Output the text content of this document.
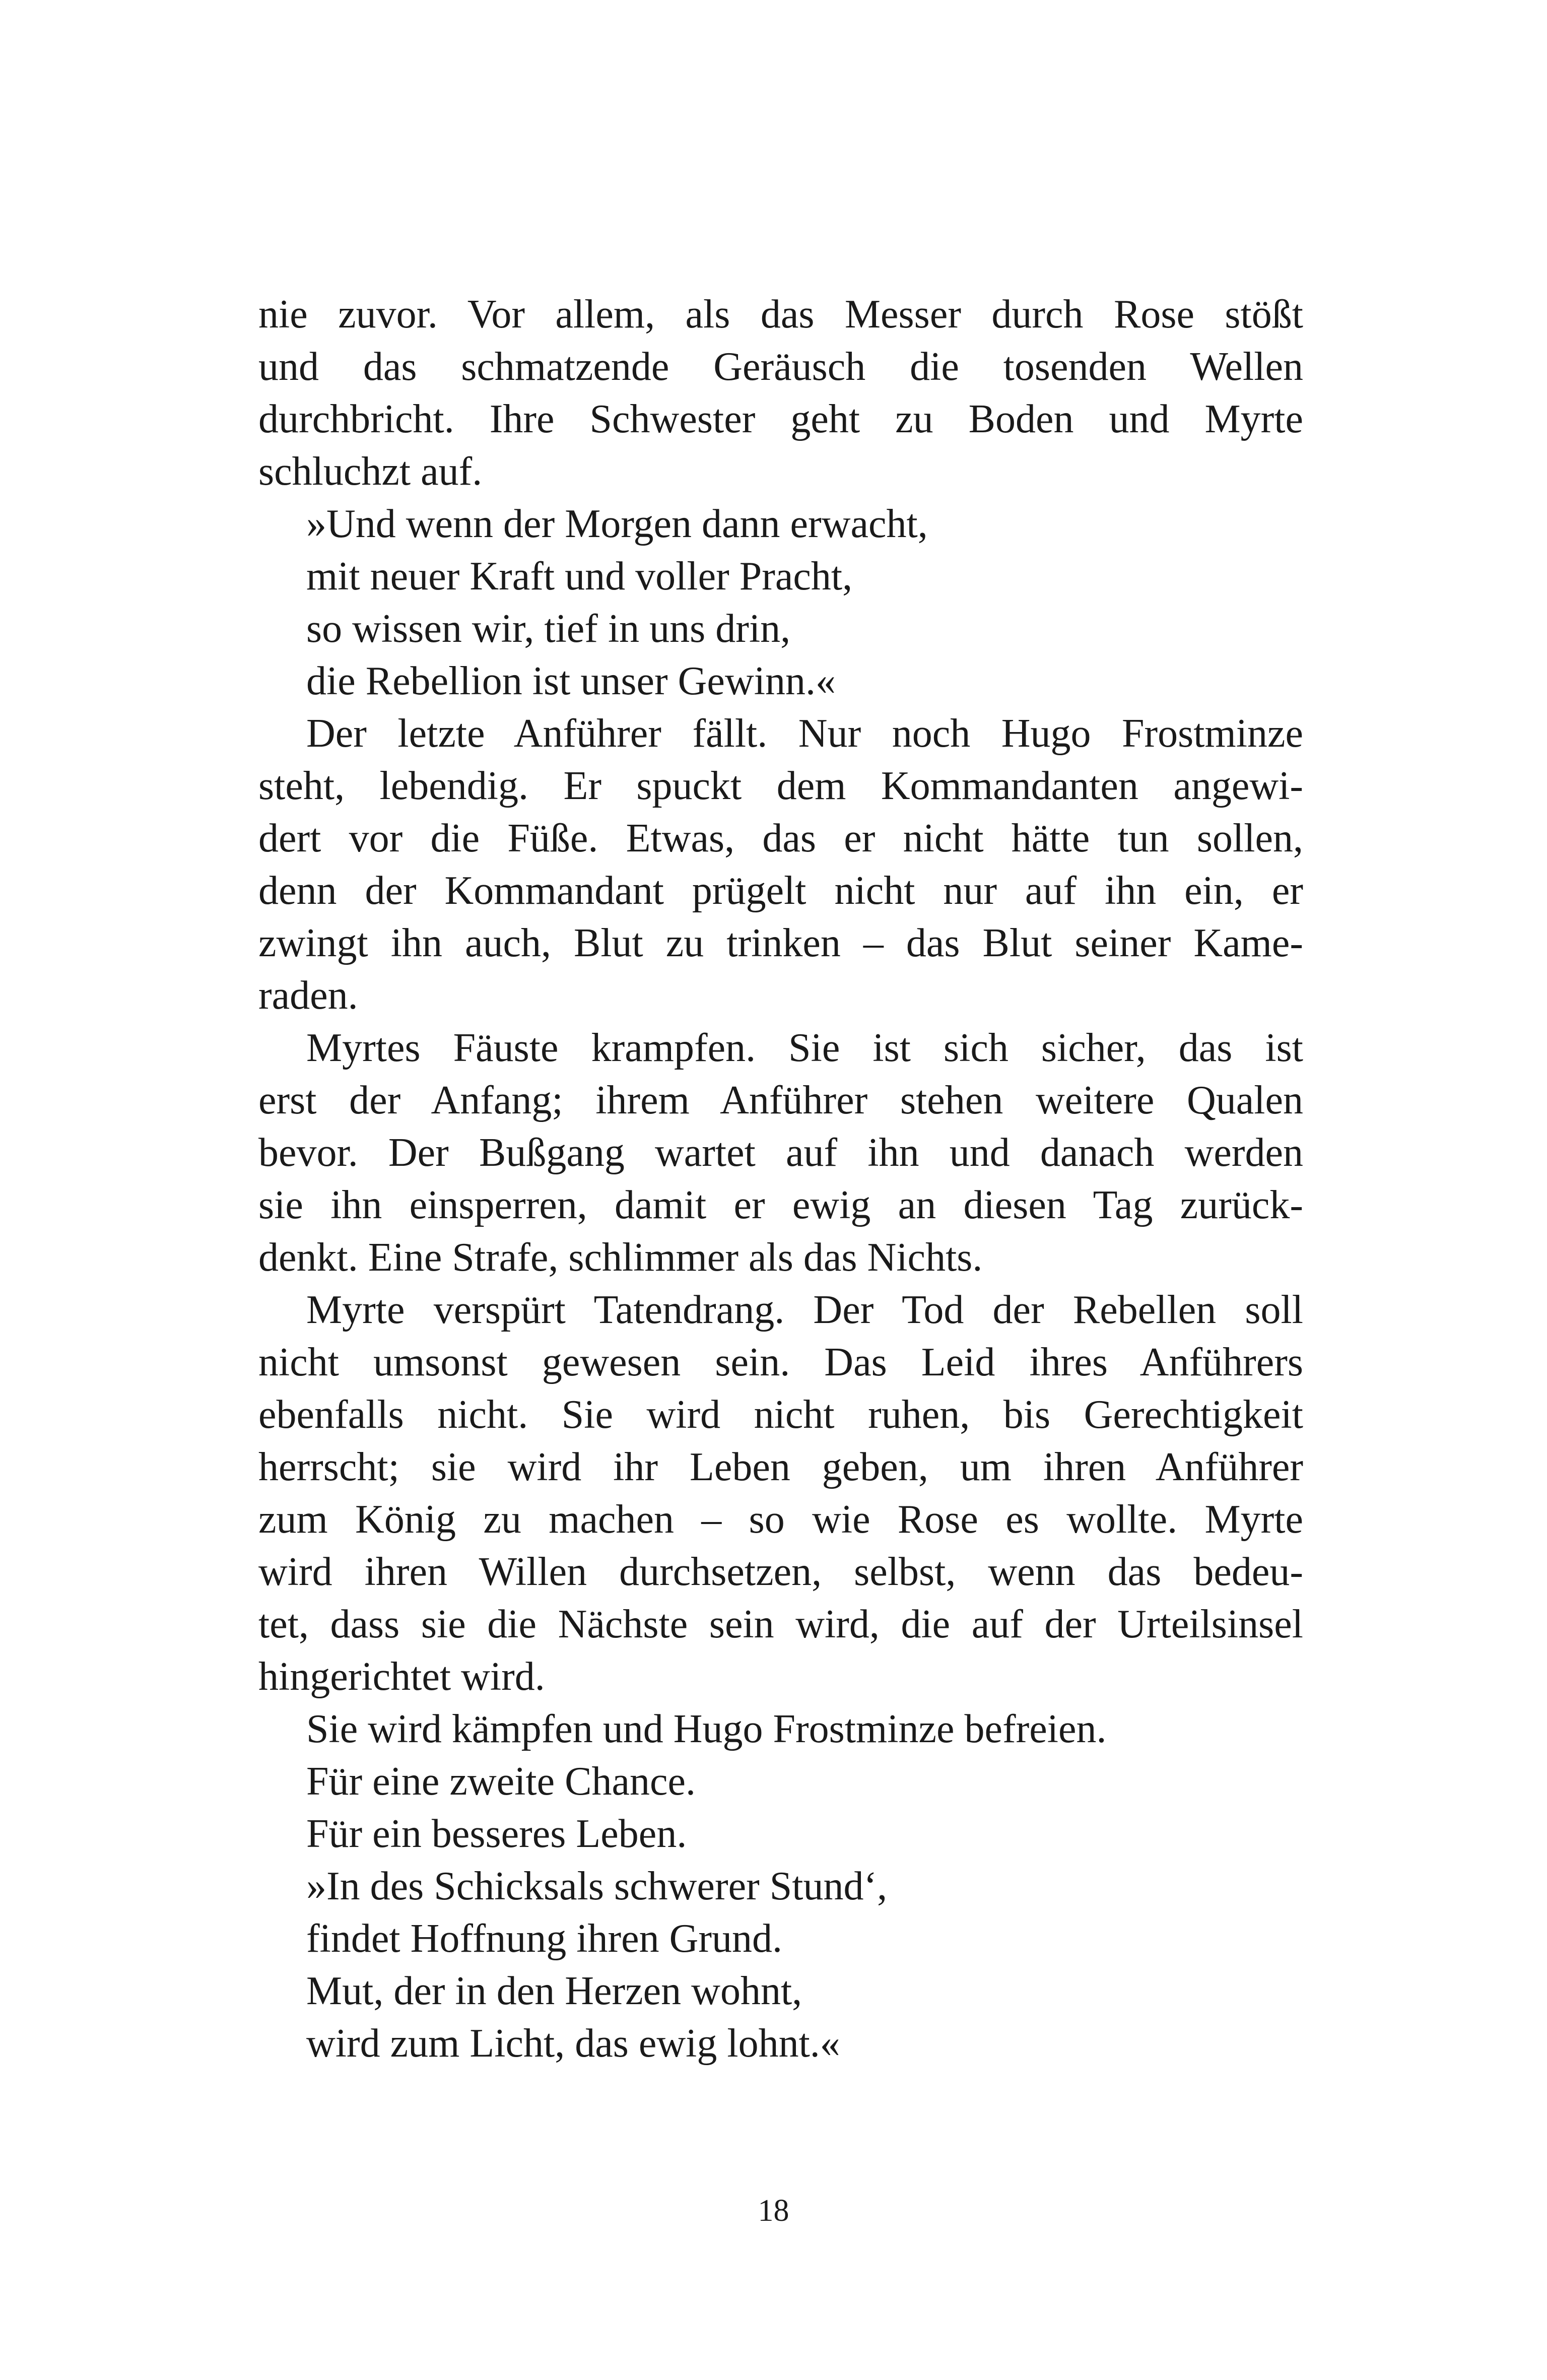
nie zuvor. Vor allem, als das Messer durch Rose stößt
und das schmatzende Geräusch die tosenden Wellen
durchbricht. Ihre Schwester geht zu Boden und Myrte
schluchzt auf.
»Und wenn der Morgen dann erwacht,
mit neuer Kraft und voller Pracht,
so wissen wir, tief in uns drin,
die Rebellion ist unser Gewinn.«
Der letzte Anführer fällt. Nur noch Hugo Frostminze
steht, lebendig. Er spuckt dem Kommandanten angewi-
dert vor die Füße. Etwas, das er nicht hätte tun sollen,
denn der Kommandant prügelt nicht nur auf ihn ein, er
zwingt ihn auch, Blut zu trinken – das Blut seiner Kame-
raden.
Myrtes Fäuste krampfen. Sie ist sich sicher, das ist
erst der Anfang; ihrem Anführer stehen weitere Qualen
bevor. Der Bußgang wartet auf ihn und danach werden
sie ihn einsperren, damit er ewig an diesen Tag zurück-
denkt. Eine Strafe, schlimmer als das Nichts.
Myrte verspürt Tatendrang. Der Tod der Rebellen soll
nicht umsonst gewesen sein. Das Leid ihres Anführers
ebenfalls nicht. Sie wird nicht ruhen, bis Gerechtigkeit
herrscht; sie wird ihr Leben geben, um ihren Anführer
zum König zu machen – so wie Rose es wollte. Myrte
wird ihren Willen durchsetzen, selbst, wenn das bedeu-
tet, dass sie die Nächste sein wird, die auf der Urteilsinsel
hingerichtet wird.
Sie wird kämpfen und Hugo Frostminze befreien.
Für eine zweite Chance.
Für ein besseres Leben.
»In des Schicksals schwerer Stund‘,
findet Hoffnung ihren Grund.
Mut, der in den Herzen wohnt,
wird zum Licht, das ewig lohnt.«
18
